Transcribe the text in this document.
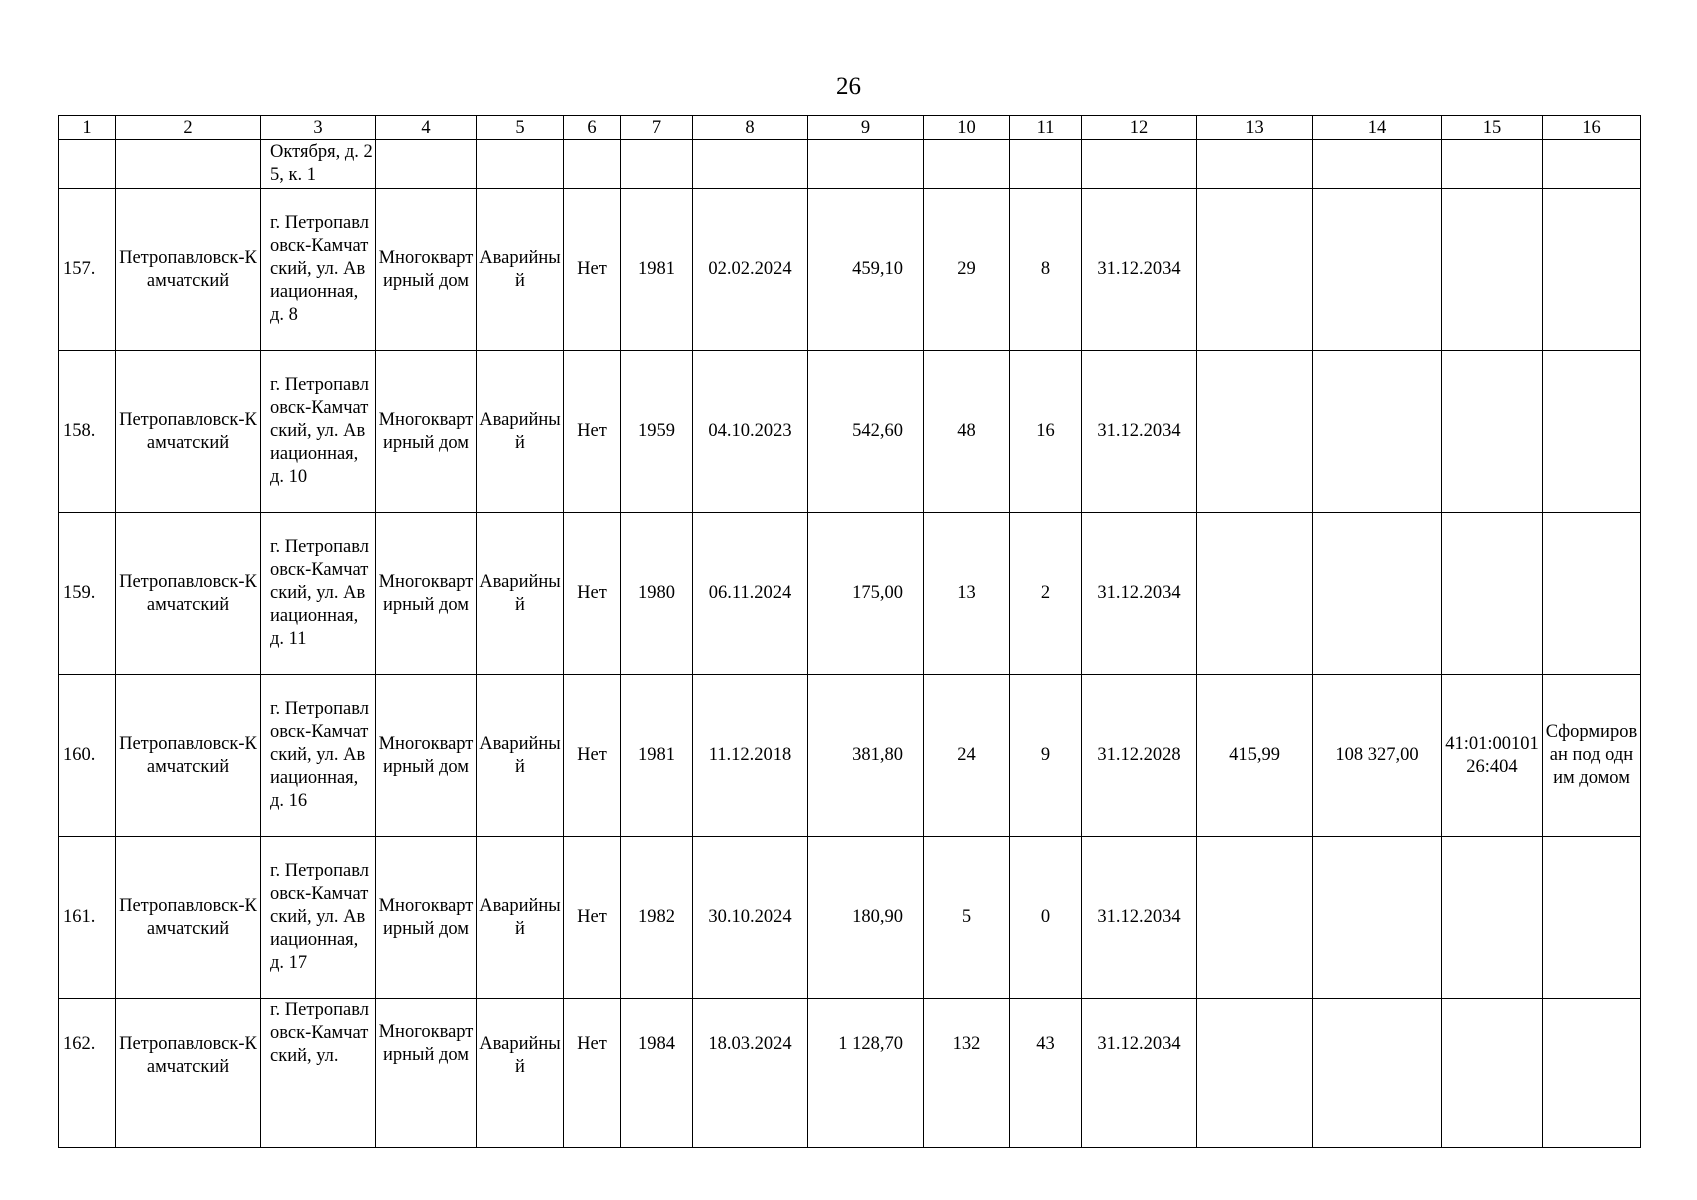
26
1	2	3	4	5	6	7	8	9	10	11	12	13	14	15	16
		Октября, д. 25, к. 1													
157.	Петропавловск-Камчатский	г. Петропавловск-Камчатский, ул. Авиационная, д. 8	Многоквартирный дом	Аварийный	Нет	1981	02.02.2024	459,10	29	8	31.12.2034				
158.	Петропавловск-Камчатский	г. Петропавловск-Камчатский, ул. Авиационная, д. 10	Многоквартирный дом	Аварийный	Нет	1959	04.10.2023	542,60	48	16	31.12.2034				
159.	Петропавловск-Камчатский	г. Петропавловск-Камчатский, ул. Авиационная, д. 11	Многоквартирный дом	Аварийный	Нет	1980	06.11.2024	175,00	13	2	31.12.2034				
160.	Петропавловск-Камчатский	г. Петропавловск-Камчатский, ул. Авиационная, д. 16	Многоквартирный дом	Аварийный	Нет	1981	11.12.2018	381,80	24	9	31.12.2028	415,99	108 327,00	41:01:0010126:404	Сформирован под одним домом
161.	Петропавловск-Камчатский	г. Петропавловск-Камчатский, ул. Авиационная, д. 17	Многоквартирный дом	Аварийный	Нет	1982	30.10.2024	180,90	5	0	31.12.2034				
162.	Петропавловск-Камчатский	г. Петропавловск-Камчатский, ул.	Многоквартирный дом	Аварийный	Нет	1984	18.03.2024	1 128,70	132	43	31.12.2034				
